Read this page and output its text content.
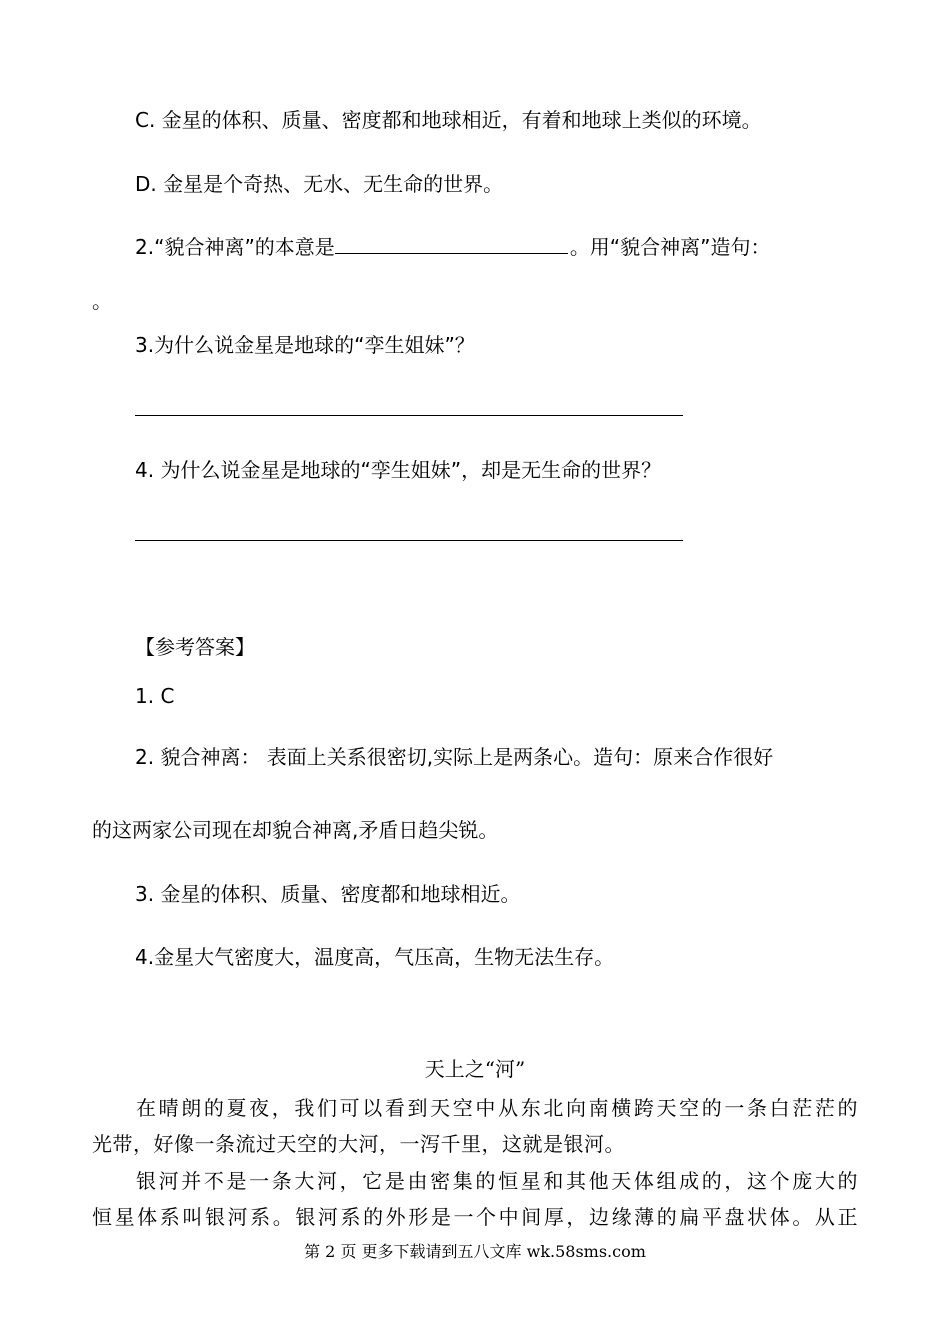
C. 金星的体积、质量、密度都和地球相近，有着和地球上类似的环境。
D. 金星是个奇热、无水、无生命的世界。
2.“貌合神离”的本意是	。用“貌合神离”造句：
。
3.为什么说金星是地球的“孪生姐妹”？
4. 为什么说金星是地球的“孪生姐妹”，却是无生命的世界？
【参考答案】
1. C
2. 貌合神离： 表面上关系很密切,实际上是两条心。造句：原来合作很好
的这两家公司现在却貌合神离,矛盾日趋尖锐。
3. 金星的体积、质量、密度都和地球相近。
4.金星大气密度大，温度高，气压高，生物无法生存。
天上之“河”
在晴朗的夏夜，我们可以看到天空中从东北向南横跨天空的一条白茫茫的
光带，好像一条流过天空的大河，一泻千里，这就是银河。
银河并不是一条大河，它是由密集的恒星和其他天体组成的，这个庞大的
恒星体系叫银河系。银河系的外形是一个中间厚，边缘薄的扁平盘状体。从正
第 2 页 更多下载请到五八文库 wk.58sms.com
